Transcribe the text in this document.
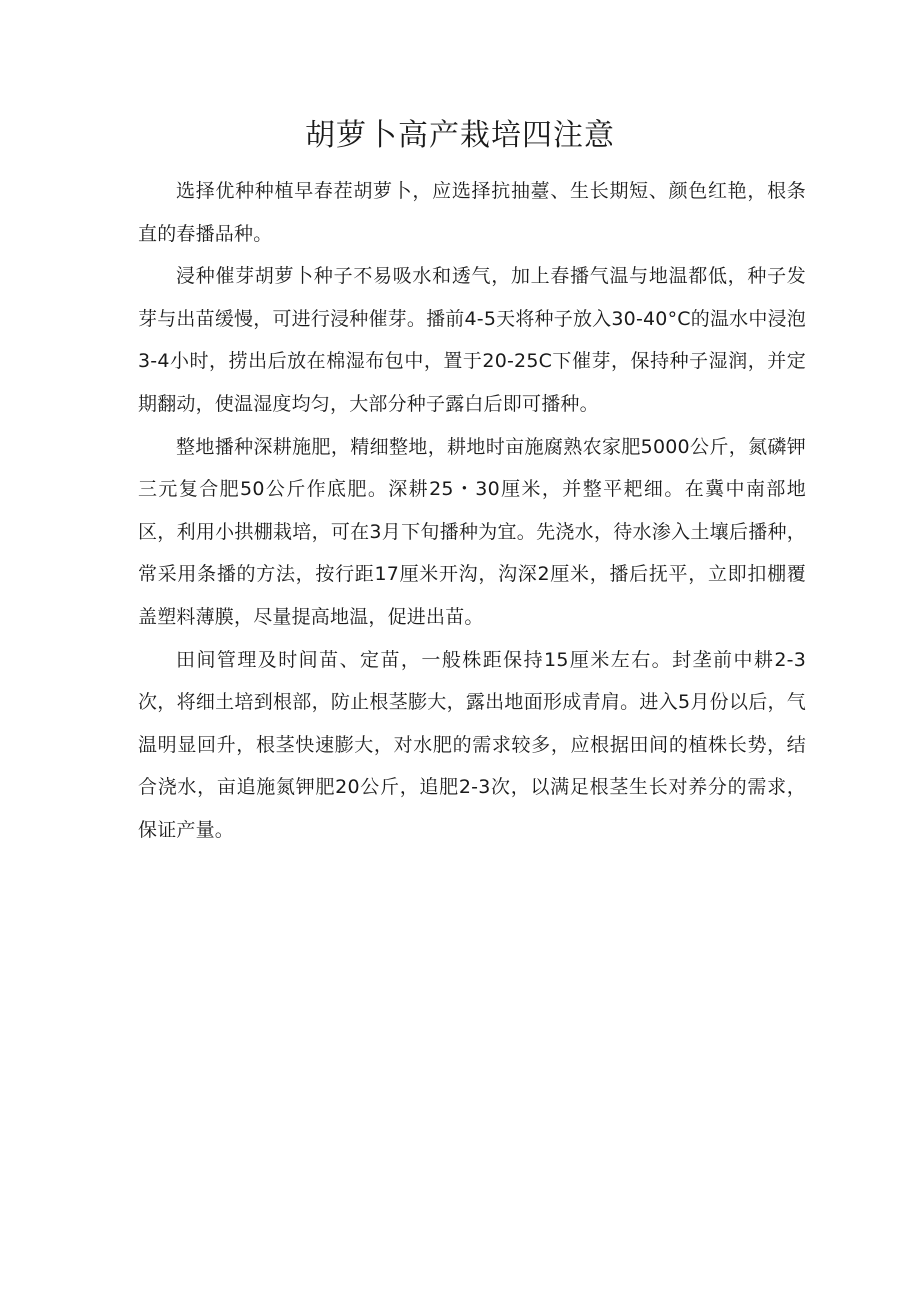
胡萝卜高产栽培四注意

选择优种种植早春茬胡萝卜，应选择抗抽薹、生长期短、颜色红艳，根条直的春播品种。

浸种催芽胡萝卜种子不易吸水和透气，加上春播气温与地温都低，种子发芽与出苗缓慢，可进行浸种催芽。播前4-5天将种子放入30-40°C的温水中浸泡3-4小时，捞出后放在棉湿布包中，置于20-25C下催芽，保持种子湿润，并定期翻动，使温湿度均匀，大部分种子露白后即可播种。

整地播种深耕施肥，精细整地，耕地时亩施腐熟农家肥5000公斤，氮磷钾三元复合肥50公斤作底肥。深耕25・30厘米，并整平耙细。在冀中南部地区，利用小拱棚栽培，可在3月下旬播种为宜。先浇水，待水渗入土壤后播种，常采用条播的方法，按行距17厘米开沟，沟深2厘米，播后抚平，立即扣棚覆盖塑料薄膜，尽量提高地温，促进出苗。

田间管理及时间苗、定苗，一般株距保持15厘米左右。封垄前中耕2-3次，将细土培到根部，防止根茎膨大，露出地面形成青肩。进入5月份以后，气温明显回升，根茎快速膨大，对水肥的需求较多，应根据田间的植株长势，结合浇水，亩追施氮钾肥20公斤，追肥2-3次，以满足根茎生长对养分的需求，保证产量。
